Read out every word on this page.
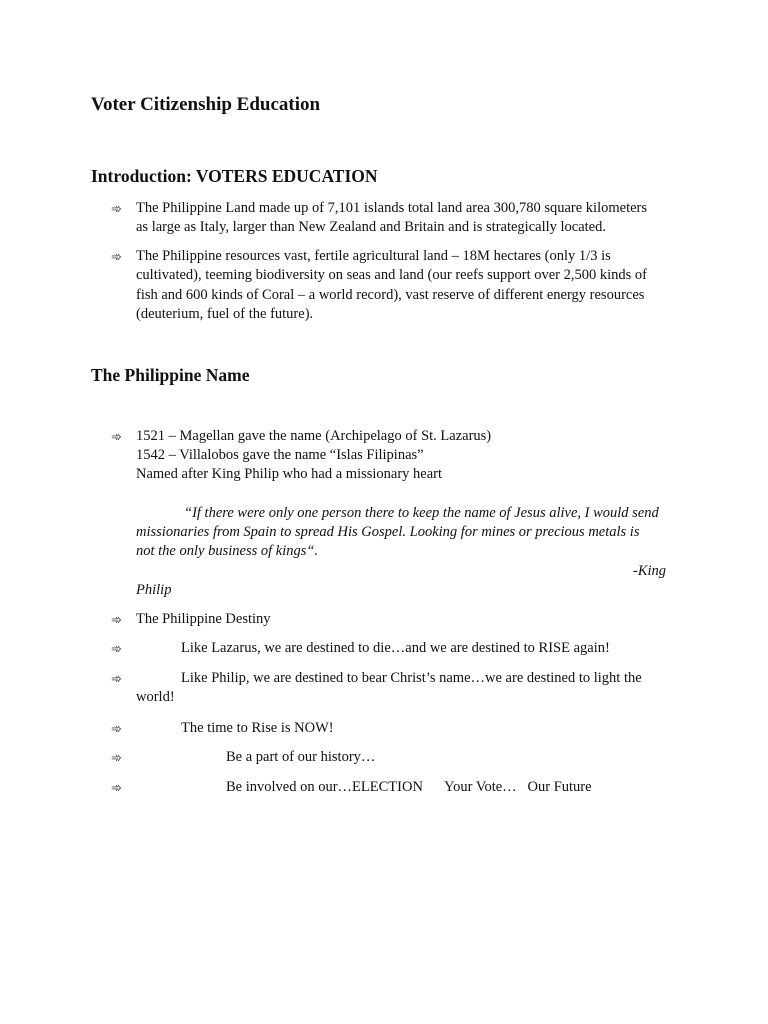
Voter Citizenship Education
Introduction: VOTERS EDUCATION
➾ The Philippine Land made up of 7,101 islands total land area 300,780 square kilometers
as large as Italy, larger than New Zealand and Britain and is strategically located.
➾ The Philippine resources vast, fertile agricultural land – 18M hectares (only 1/3 is
cultivated), teeming biodiversity on seas and land (our reefs support over 2,500 kinds of
fish and 600 kinds of Coral – a world record), vast reserve of different energy resources
(deuterium, fuel of the future).
The Philippine Name
➾ 1521 – Magellan gave the name (Archipelago of St. Lazarus)
1542 – Villalobos gave the name “Islas Filipinas”
Named after King Philip who had a missionary heart
“If there were only one person there to keep the name of Jesus alive, I would send
missionaries from Spain to spread His Gospel. Looking for mines or precious metals is
not the only business of kings“.
-King
Philip
➾ The Philippine Destiny
➾	Like Lazarus, we are destined to die…and we are destined to RISE again!
➾	Like Philip, we are destined to bear Christ’s name…we are destined to light the
world!
➾	The time to Rise is NOW!
➾	Be a part of our history…
➾	Be involved on our…ELECTION      Your Vote…   Our Future
